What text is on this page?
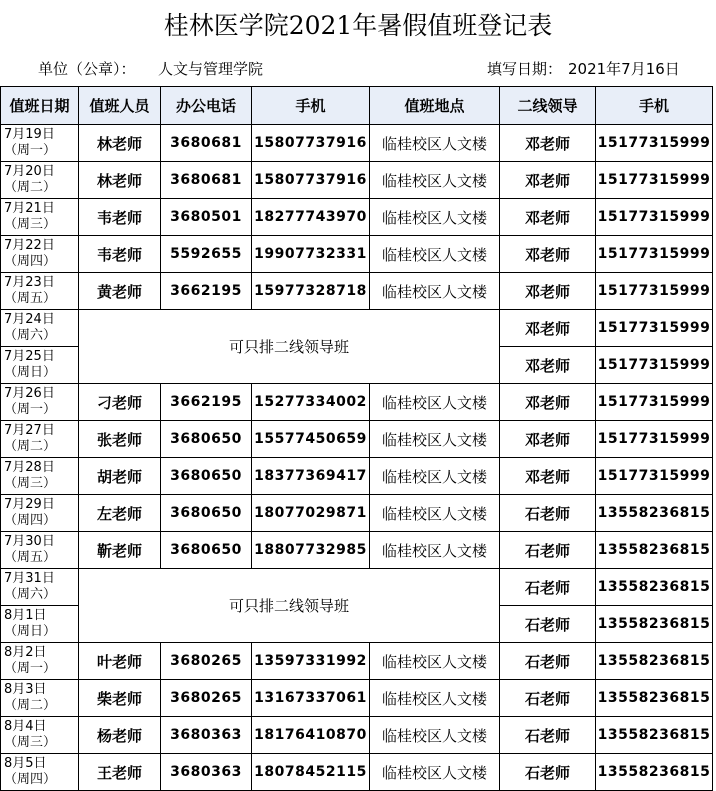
桂林医学院2021年暑假值班登记表
单位（公章）： 人文与管理学院	填写日期： 2021年7月16日
值班日期	值班人员	办公电话	手机	值班地点	二线领导	手机

7月19日
（周一）	林老师	3680681	15807737916	临桂校区人文楼	邓老师	15177315999

7月20日
（周二）	林老师	3680681	15807737916	临桂校区人文楼	邓老师	15177315999

7月21日
（周三）	韦老师	3680501	18277743970	临桂校区人文楼	邓老师	15177315999

7月22日
（周四）	韦老师	5592655	19907732331	临桂校区人文楼	邓老师	15177315999

7月23日
（周五）	黄老师	3662195	15977328718	临桂校区人文楼	邓老师	15177315999

7月24日
（周六）	可只排二线领导班				邓老师	15177315999

7月25日
（周日）					邓老师	15177315999

7月26日
（周一）	刁老师	3662195	15277334002	临桂校区人文楼	邓老师	15177315999

7月27日
（周二）	张老师	3680650	15577450659	临桂校区人文楼	邓老师	15177315999

7月28日
（周三）	胡老师	3680650	18377369417	临桂校区人文楼	邓老师	15177315999

7月29日
（周四）	左老师	3680650	18077029871	临桂校区人文楼	石老师	13558236815

7月30日
（周五）	靳老师	3680650	18807732985	临桂校区人文楼	石老师	13558236815

7月31日
（周六）	可只排二线领导班				石老师	13558236815

8月1日
（周日）					石老师	13558236815

8月2日
（周一）	叶老师	3680265	13597331992	临桂校区人文楼	石老师	13558236815

8月3日
（周二）	柴老师	3680265	13167337061	临桂校区人文楼	石老师	13558236815

8月4日
（周三）	杨老师	3680363	18176410870	临桂校区人文楼	石老师	13558236815

8月5日
（周四）	王老师	3680363	18078452115	临桂校区人文楼	石老师	13558236815
